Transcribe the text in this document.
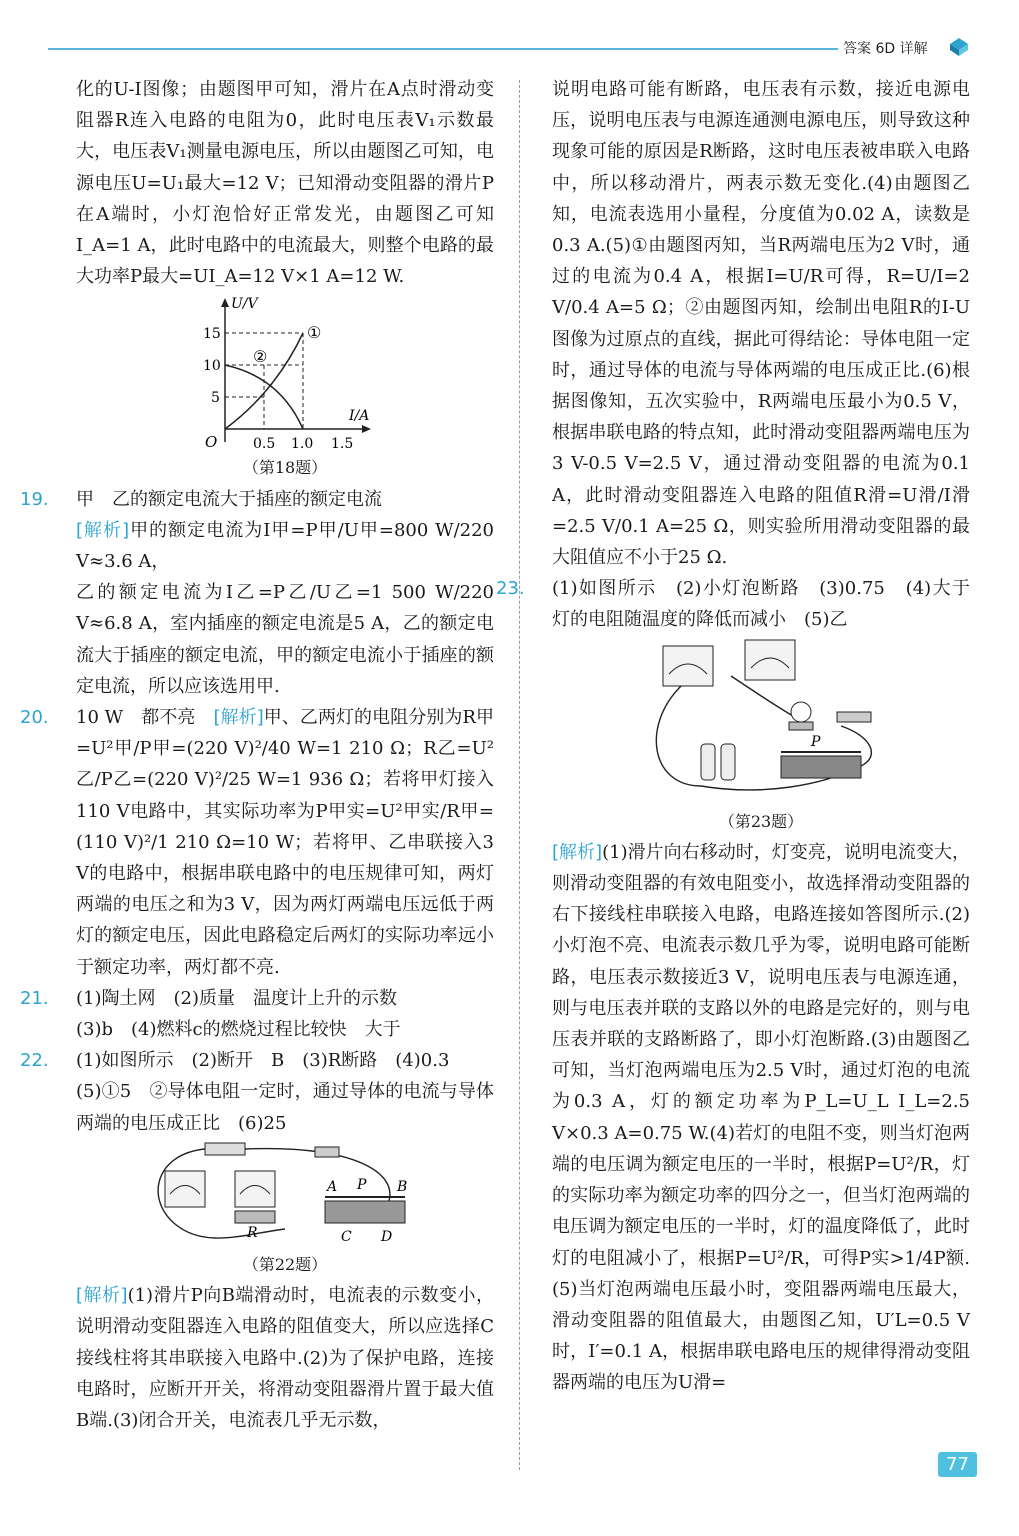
答案 6D 详解

化的U-I图像；由题图甲可知，滑片在A点时滑动变阻器R连入电路的电阻为0，此时电压表V₁示数最大，电压表V₁测量电源电压，所以由题图乙可知，电源电压U=U₁最大=12 V；已知滑动变阻器的滑片P在A端时，小灯泡恰好正常发光，由题图乙可知I_A=1 A，此时电路中的电流最大，则整个电路的最大功率P最大=UI_A=12 V×1 A=12 W.

U/V
I/A
O
15
10
5
0.5 1.0 1.5
①
②

（第18题）

19. 甲　乙的额定电流大于插座的额定电流

[解析]甲的额定电流为I甲=P甲/U甲=800 W/220 V≈3.6 A，

乙的额定电流为I乙=P乙/U乙=1 500 W/220 V≈6.8 A，室内插座的额定电流是5 A，乙的额定电流大于插座的额定电流，甲的额定电流小于插座的额定电流，所以应该选用甲.

20. 10 W　都不亮　[解析]甲、乙两灯的电阻分别为R甲=U²甲/P甲=(220 V)²/40 W=1 210 Ω；R乙=U²乙/P乙=(220 V)²/25 W=1 936 Ω；若将甲灯接入110 V电路中，其实际功率为P甲实=U²甲实/R甲=(110 V)²/1 210 Ω=10 W；若将甲、乙串联接入3 V的电路中，根据串联电路中的电压规律可知，两灯两端的电压之和为3 V，因为两灯两端电压远低于两灯的额定电压，因此电路稳定后两灯的实际功率远小于额定功率，两灯都不亮.

21. (1)陶土网　(2)质量　温度计上升的示数

(3)b　(4)燃料c的燃烧过程比较快　大于

22. (1)如图所示　(2)断开　B　(3)R断路　(4)0.3

(5)①5　②导体电阻一定时，通过导体的电流与导体两端的电压成正比　(6)25

A P B
C D
R

（第22题）

[解析](1)滑片P向B端滑动时，电流表的示数变小，说明滑动变阻器连入电路的阻值变大，所以应选择C接线柱将其串联接入电路中.(2)为了保护电路，连接电路时，应断开开关，将滑动变阻器滑片置于最大值B端.(3)闭合开关，电流表几乎无示数，

说明电路可能有断路，电压表有示数，接近电源电压，说明电压表与电源连通测电源电压，则导致这种现象可能的原因是R断路，这时电压表被串联入电路中，所以移动滑片，两表示数无变化.(4)由题图乙知，电流表选用小量程，分度值为0.02 A，读数是0.3 A.(5)①由题图丙知，当R两端电压为2 V时，通过的电流为0.4 A，根据I=U/R可得，R=U/I=2 V/0.4 A=5 Ω；②由题图丙知，绘制出电阻R的I-U图像为过原点的直线，据此可得结论：导体电阻一定时，通过导体的电流与导体两端的电压成正比.(6)根据图像知，五次实验中，R两端电压最小为0.5 V，根据串联电路的特点知，此时滑动变阻器两端电压为3 V-0.5 V=2.5 V，通过滑动变阻器的电流为0.1 A，此时滑动变阻器连入电路的阻值R滑=U滑/I滑=2.5 V/0.1 A=25 Ω，则实验所用滑动变阻器的最大阻值应不小于25 Ω.

23. (1)如图所示　(2)小灯泡断路　(3)0.75　(4)大于　灯的电阻随温度的降低而减小　(5)乙

P

（第23题）

[解析](1)滑片向右移动时，灯变亮，说明电流变大，则滑动变阻器的有效电阻变小，故选择滑动变阻器的右下接线柱串联接入电路，电路连接如答图所示.(2)小灯泡不亮、电流表示数几乎为零，说明电路可能断路，电压表示数接近3 V，说明电压表与电源连通，则与电压表并联的支路以外的电路是完好的，则与电压表并联的支路断路了，即小灯泡断路.(3)由题图乙可知，当灯泡两端电压为2.5 V时，通过灯泡的电流为0.3 A，灯的额定功率为P_L=U_L I_L=2.5 V×0.3 A=0.75 W.(4)若灯的电阻不变，则当灯泡两端的电压调为额定电压的一半时，根据P=U²/R，灯的实际功率为额定功率的四分之一，但当灯泡两端的电压调为额定电压的一半时，灯的温度降低了，此时灯的电阻减小了，根据P=U²/R，可得P实>1/4P额.(5)当灯泡两端电压最小时，变阻器两端电压最大，滑动变阻器的阻值最大，由题图乙知，U′L=0.5 V时，I′=0.1 A，根据串联电路电压的规律得滑动变阻器两端的电压为U滑=

77
